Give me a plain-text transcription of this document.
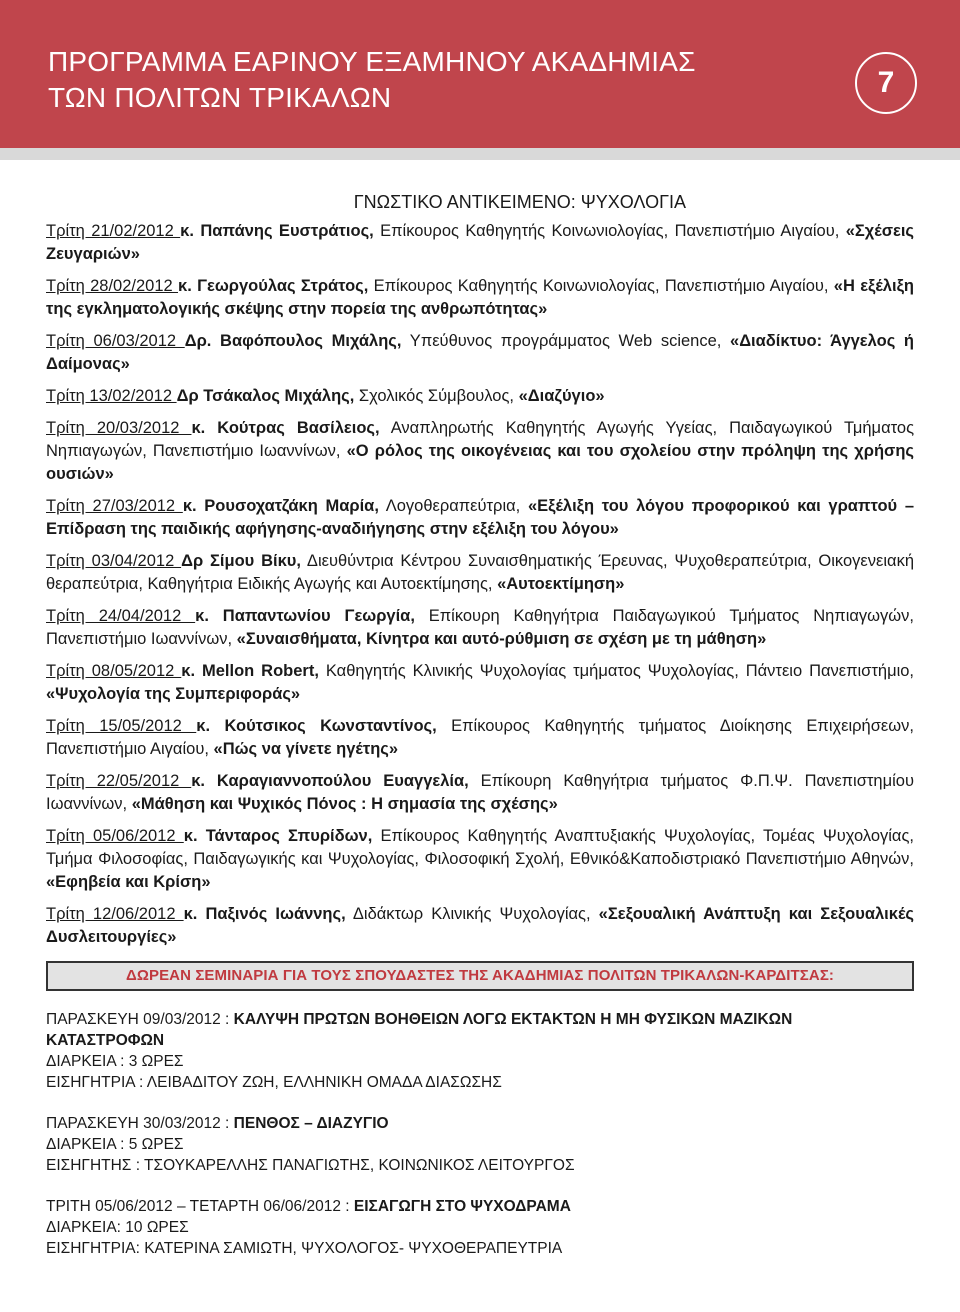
ΠΡΟΓΡΑΜΜΑ ΕΑΡΙΝΟΥ ΕΞΑΜΗΝΟΥ ΑΚΑΔΗΜΙΑΣ
ΤΩΝ ΠΟΛΙΤΩΝ ΤΡΙΚΑΛΩΝ	7
ΓΝΩΣΤΙΚΟ ΑΝΤΙΚΕΙΜΕΝΟ: ΨΥΧΟΛΟΓΙΑ
Τρίτη 21/02/2012 κ. Παπάνης Ευστράτιος, Επίκουρος Καθηγητής Κοινωνιολογίας, Πανεπιστήμιο Αιγαίου, «Σχέσεις Ζευγαριών»
Τρίτη 28/02/2012 κ. Γεωργούλας Στράτος, Επίκουρος Καθηγητής Κοινωνιολογίας, Πανεπιστήμιο Αιγαίου, «Η εξέλιξη της εγκληματολογικής σκέψης στην πορεία της ανθρωπότητας»
Τρίτη 06/03/2012 Δρ. Βαφόπουλος Μιχάλης, Υπεύθυνος προγράμματος Web science, «Διαδίκτυο: Άγγελος ή Δαίμονας»
Τρίτη 13/02/2012 Δρ Τσάκαλος Μιχάλης, Σχολικός Σύμβουλος, «Διαζύγιο»
Τρίτη 20/03/2012 κ. Κούτρας Βασίλειος, Αναπληρωτής Καθηγητής Αγωγής Υγείας, Παιδαγωγικού Τμήματος Νηπιαγωγών, Πανεπιστήμιο Ιωαννίνων, «Ο ρόλος της οικογένειας και του σχολείου στην πρόληψη της χρήσης ουσιών»
Τρίτη 27/03/2012 κ. Ρουσοχατζάκη Μαρία, Λογοθεραπεύτρια, «Εξέλιξη του λόγου προφορικού και γραπτού – Επίδραση της παιδικής αφήγησης-αναδιήγησης στην εξέλιξη του λόγου»
Τρίτη 03/04/2012 Δρ Σίμου Βίκυ, Διευθύντρια Κέντρου Συναισθηματικής Έρευνας, Ψυχοθεραπεύτρια, Οικογενειακή θεραπεύτρια, Καθηγήτρια Ειδικής Αγωγής και Αυτοεκτίμησης, «Αυτοεκτίμηση»
Τρίτη 24/04/2012 κ. Παπαντωνίου Γεωργία, Επίκουρη Καθηγήτρια Παιδαγωγικού Τμήματος Νηπιαγωγών, Πανεπιστήμιο Ιωαννίνων, «Συναισθήματα, Κίνητρα και αυτό-ρύθμιση σε σχέση με τη μάθηση»
Τρίτη 08/05/2012 κ. Mellon Robert, Καθηγητής Κλινικής Ψυχολογίας τμήματος Ψυχολογίας, Πάντειο Πανεπιστήμιο, «Ψυχολογία της Συμπεριφοράς»
Τρίτη 15/05/2012 κ. Κούτσικος Κωνσταντίνος, Επίκουρος Καθηγητής τμήματος Διοίκησης Επιχειρήσεων, Πανεπιστήμιο Αιγαίου, «Πώς να γίνετε ηγέτης»
Τρίτη 22/05/2012 κ. Καραγιαννοπούλου Ευαγγελία, Επίκουρη Καθηγήτρια τμήματος Φ.Π.Ψ. Πανεπιστημίου Ιωαννίνων, «Μάθηση και Ψυχικός Πόνος : Η σημασία της σχέσης»
Τρίτη 05/06/2012 κ. Τάνταρος Σπυρίδων, Επίκουρος Καθηγητής Αναπτυξιακής Ψυχολογίας, Τομέας Ψυχολογίας, Τμήμα Φιλοσοφίας, Παιδαγωγικής και Ψυχολογίας, Φιλοσοφική Σχολή, Εθνικό&Καποδιστριακό Πανεπιστήμιο Αθηνών, «Εφηβεία και Κρίση»
Τρίτη 12/06/2012 κ. Παξινός Ιωάννης, Διδάκτωρ Κλινικής Ψυχολογίας, «Σεξουαλική Ανάπτυξη και Σεξουαλικές Δυσλειτουργίες»
ΔΩΡΕΑΝ ΣΕΜΙΝΑΡΙΑ ΓΙΑ ΤΟΥΣ ΣΠΟΥΔΑΣΤΕΣ ΤΗΣ ΑΚΑΔΗΜΙΑΣ ΠΟΛΙΤΩΝ ΤΡΙΚΑΛΩΝ-ΚΑΡΔΙΤΣΑΣ:
ΠΑΡΑΣΚΕΥΗ 09/03/2012 : ΚΑΛΥΨΗ ΠΡΩΤΩΝ ΒΟΗΘΕΙΩΝ ΛΟΓΩ ΕΚΤΑΚΤΩΝ Η ΜΗ ΦΥΣΙΚΩΝ ΜΑΖΙΚΩΝ ΚΑΤΑΣΤΡΟΦΩΝ
ΔΙΑΡΚΕΙΑ : 3 ΩΡΕΣ
ΕΙΣΗΓΗΤΡΙΑ : ΛΕΙΒΑΔΙΤΟΥ ΖΩΗ, ΕΛΛΗΝΙΚΗ ΟΜΑΔΑ ΔΙΑΣΩΣΗΣ
ΠΑΡΑΣΚΕΥΗ 30/03/2012 : ΠΕΝΘΟΣ – ΔΙΑΖΥΓΙΟ
ΔΙΑΡΚΕΙΑ : 5 ΩΡΕΣ
ΕΙΣΗΓΗΤΗΣ : ΤΣΟΥΚΑΡΕΛΛΗΣ ΠΑΝΑΓΙΩΤΗΣ, ΚΟΙΝΩΝΙΚΟΣ ΛΕΙΤΟΥΡΓΟΣ
ΤΡΙΤΗ 05/06/2012 – ΤΕΤΑΡΤΗ 06/06/2012 : ΕΙΣΑΓΩΓΗ ΣΤΟ ΨΥΧΟΔΡΑΜΑ
ΔΙΑΡΚΕΙΑ: 10 ΩΡΕΣ
ΕΙΣΗΓΗΤΡΙΑ: ΚΑΤΕΡΙΝΑ ΣΑΜΙΩΤΗ, ΨΥΧΟΛΟΓΟΣ- ΨΥΧΟΘΕΡΑΠΕΥΤΡΙΑ
